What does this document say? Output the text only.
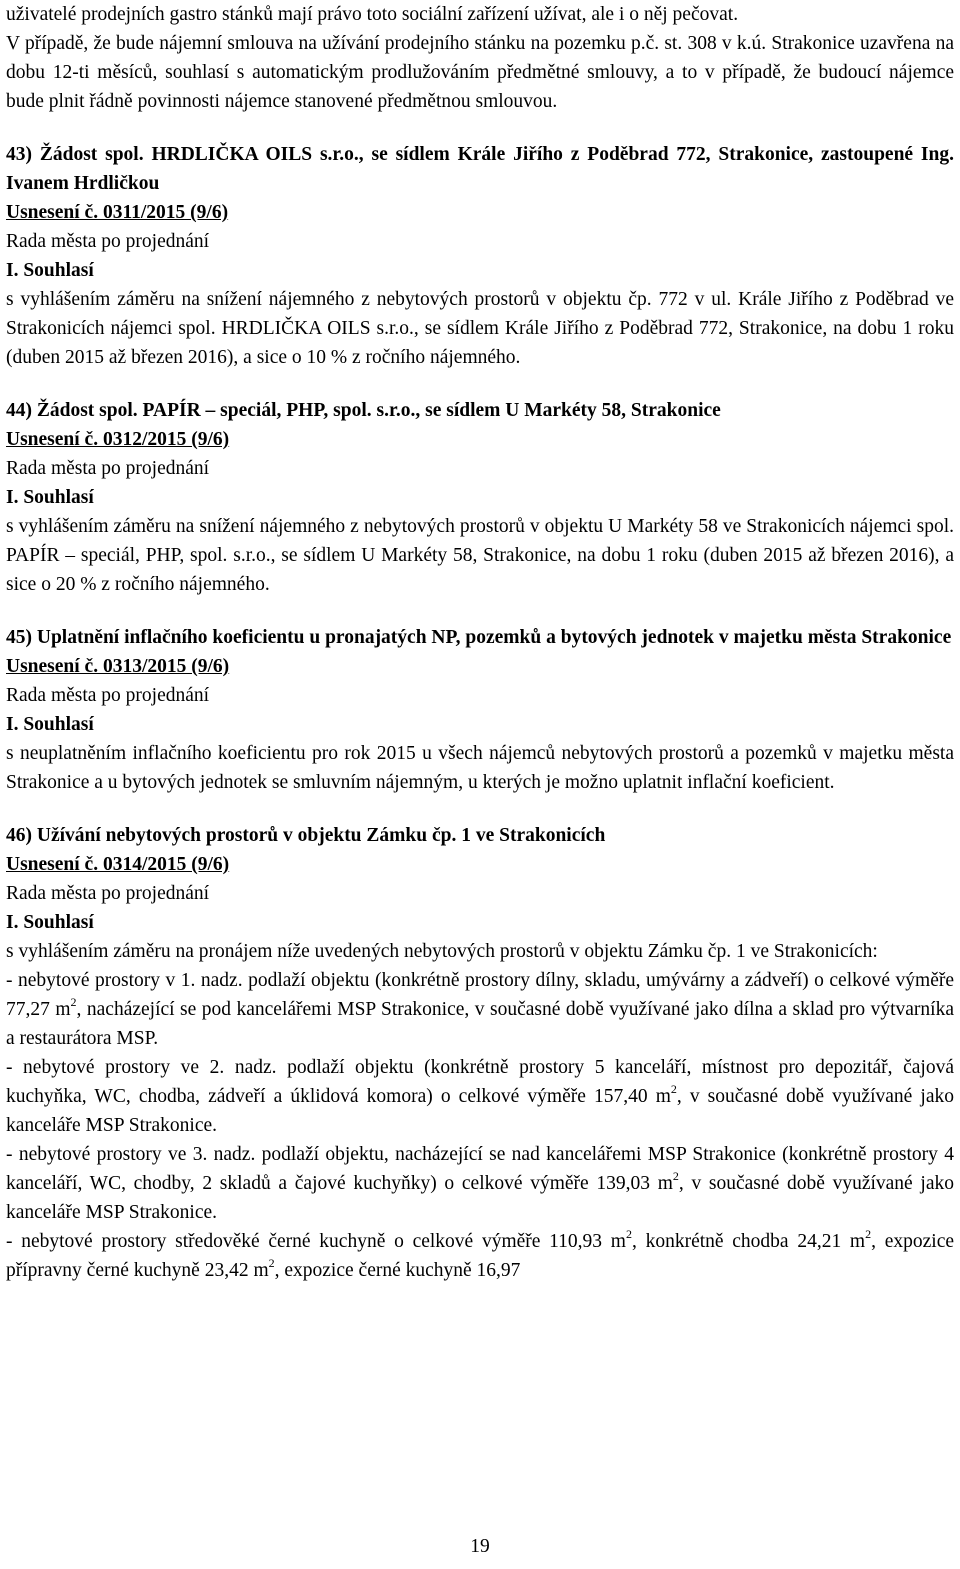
uživatelé prodejních gastro stánků mají právo toto sociální zařízení užívat, ale i o něj pečovat.

V případě, že bude nájemní smlouva na užívání prodejního stánku na pozemku p.č. st. 308 v k.ú. Strakonice uzavřena na dobu 12-ti měsíců, souhlasí s automatickým prodlužováním předmětné smlouvy, a to v případě, že budoucí nájemce bude plnit řádně povinnosti nájemce stanovené předmětnou smlouvou.

43) Žádost spol. HRDLIČKA OILS s.r.o., se sídlem Krále Jiřího z Poděbrad 772, Strakonice, zastoupené Ing. Ivanem Hrdličkou

Usnesení č. 0311/2015 (9/6)

Rada města po projednání

I. Souhlasí

s vyhlášením záměru na snížení nájemného z nebytových prostorů v objektu čp. 772 v ul. Krále Jiřího z Poděbrad ve Strakonicích nájemci spol. HRDLIČKA OILS s.r.o., se sídlem Krále Jiřího z Poděbrad 772, Strakonice, na dobu 1 roku (duben 2015 až březen 2016), a sice o 10 % z ročního nájemného.

44) Žádost spol. PAPÍR – speciál, PHP, spol. s.r.o., se sídlem U Markéty 58, Strakonice

Usnesení č. 0312/2015 (9/6)

Rada města po projednání

I. Souhlasí

s vyhlášením záměru na snížení nájemného z nebytových prostorů v objektu U Markéty 58 ve Strakonicích nájemci spol. PAPÍR – speciál, PHP, spol. s.r.o., se sídlem U Markéty 58, Strakonice, na dobu 1 roku (duben 2015 až březen 2016), a sice o 20 % z ročního nájemného.

45) Uplatnění inflačního koeficientu u pronajatých NP, pozemků a bytových jednotek v majetku města Strakonice

Usnesení č. 0313/2015 (9/6)

Rada města po projednání

I. Souhlasí

s neuplatněním inflačního koeficientu pro rok 2015 u všech nájemců nebytových prostorů a pozemků v majetku města Strakonice a u bytových jednotek se smluvním nájemným, u kterých je možno uplatnit inflační koeficient.

46) Užívání nebytových prostorů v objektu Zámku čp. 1 ve Strakonicích

Usnesení č. 0314/2015 (9/6)

Rada města po projednání

I. Souhlasí

s vyhlášením záměru na pronájem níže uvedených nebytových prostorů v objektu Zámku čp. 1 ve Strakonicích:

- nebytové prostory v 1. nadz. podlaží objektu (konkrétně prostory dílny, skladu, umývárny a zádveří) o celkové výměře 77,27 $m^2$, nacházející se pod kancelářemi MSP Strakonice, v současné době využívané jako dílna a sklad pro výtvarníka a restaurátora MSP.

- nebytové prostory ve 2. nadz. podlaží objektu (konkrétně prostory 5 kanceláří, místnost pro depozitář, čajová kuchyňka, WC, chodba, zádveří a úklidová komora) o celkové výměře 157,40 $m^2$, v současné době využívané jako kanceláře MSP Strakonice.

- nebytové prostory ve 3. nadz. podlaží objektu, nacházející se nad kancelářemi MSP Strakonice (konkrétně prostory 4 kanceláří, WC, chodby, 2 skladů a čajové kuchyňky) o celkové výměře 139,03 $m^2$, v současné době využívané jako kanceláře MSP Strakonice.

- nebytové prostory středověké černé kuchyně o celkové výměře 110,93 $m^2$, konkrétně chodba 24,21 $m^2$, expozice přípravny černé kuchyně 23,42 $m^2$, expozice černé kuchyně 16,97

19
